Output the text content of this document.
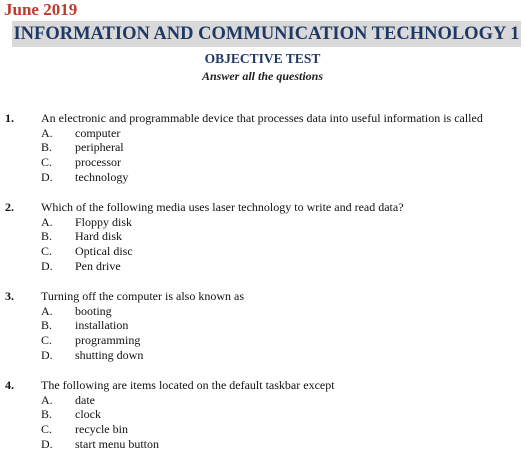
June 2019
INFORMATION AND COMMUNICATION TECHNOLOGY 1
OBJECTIVE TEST
Answer all the questions
1. An electronic and programmable device that processes data into useful information is called
A. computer
B. peripheral
C. processor
D. technology
2. Which of the following media uses laser technology to write and read data?
A. Floppy disk
B. Hard disk
C. Optical disc
D. Pen drive
3. Turning off the computer is also known as
A. booting
B. installation
C. programming
D. shutting down
4. The following are items located on the default taskbar except
A. date
B. clock
C. recycle bin
D. start menu button
